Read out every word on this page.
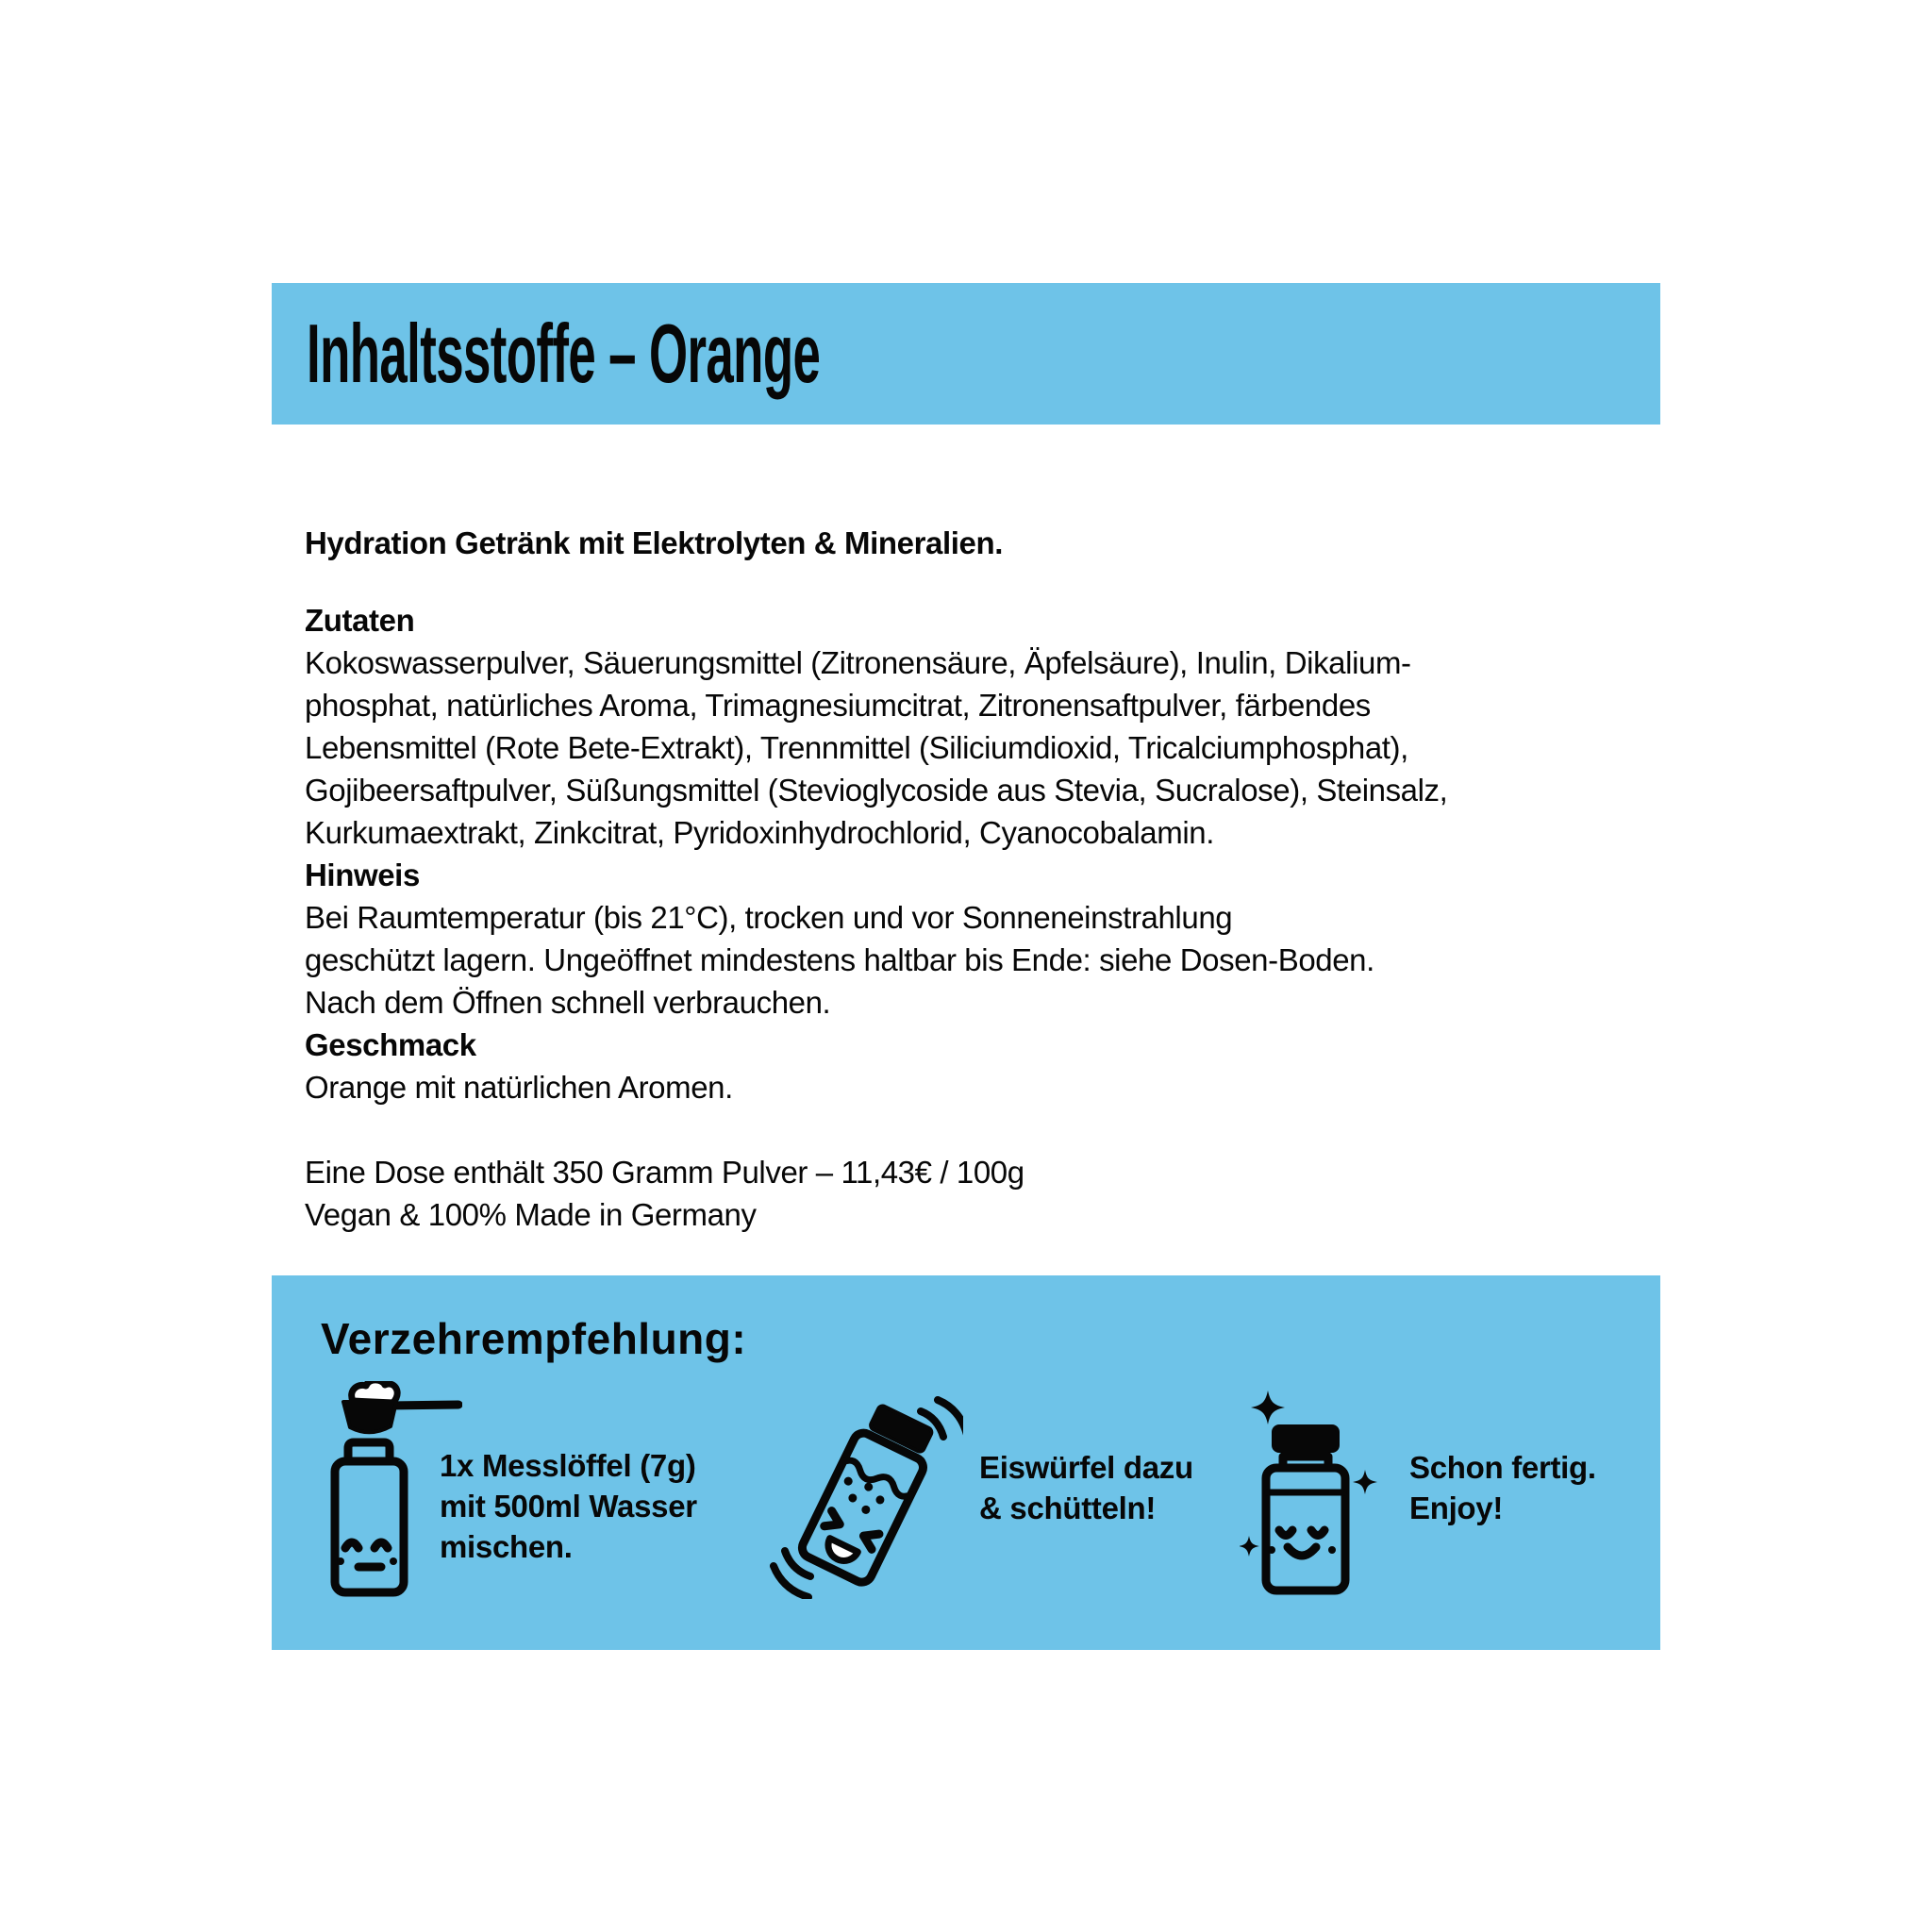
Inhaltsstoffe – Orange

Hydration Getränk mit Elektrolyten & Mineralien.

Zutaten
Kokoswasserpulver, Säuerungsmittel (Zitronensäure, Äpfelsäure), Inulin, Dikalium-
phosphat, natürliches Aroma, Trimagnesiumcitrat, Zitronensaftpulver, färbendes
Lebensmittel (Rote Bete-Extrakt), Trennmittel (Siliciumdioxid, Tricalciumphosphat),
Gojibeersaftpulver, Süßungsmittel (Stevioglycoside aus Stevia, Sucralose), Steinsalz,
Kurkumaextrakt, Zinkcitrat, Pyridoxinhydrochlorid, Cyanocobalamin.
Hinweis
Bei Raumtemperatur (bis 21°C), trocken und vor Sonneneinstrahlung
geschützt lagern. Ungeöffnet mindestens haltbar bis Ende: siehe Dosen-Boden.
Nach dem Öffnen schnell verbrauchen.
Geschmack
Orange mit natürlichen Aromen.
Eine Dose enthält 350 Gramm Pulver – 11,43€ / 100g
Vegan & 100% Made in Germany
Verzehrempfehlung:
1x Messlöffel (7g)
mit 500ml Wasser
mischen.
Eiswürfel dazu
& schütteln!
Schon fertig.
Enjoy!
